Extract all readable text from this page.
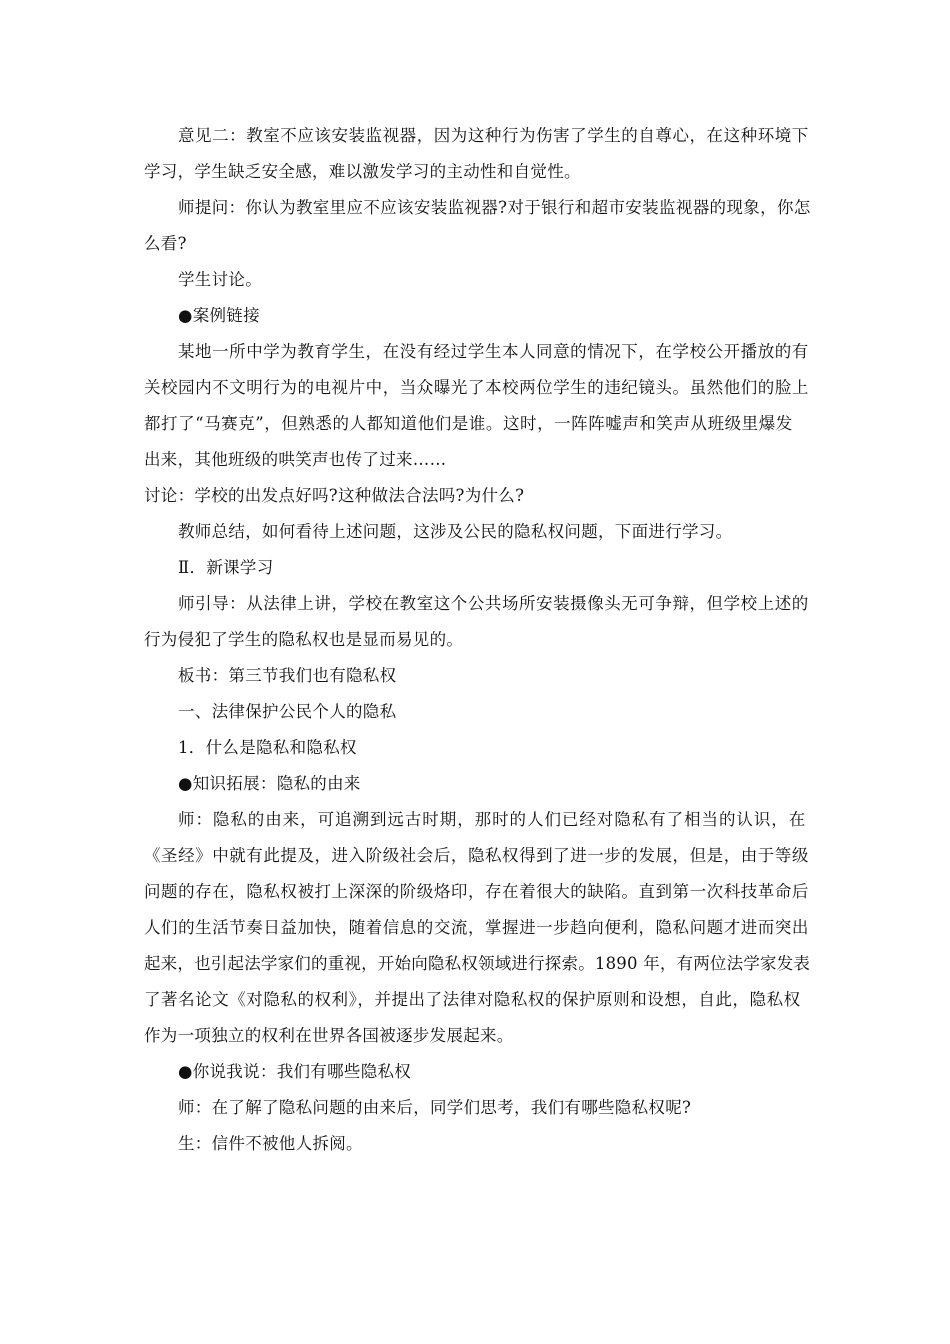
意见二：教室不应该安装监视器，因为这种行为伤害了学生的自尊心，在这种环境下
学习，学生缺乏安全感，难以激发学习的主动性和自觉性。
师提问：你认为教室里应不应该安装监视器?对于银行和超市安装监视器的现象，你怎
么看?
学生讨论。
●案例链接
某地一所中学为教育学生，在没有经过学生本人同意的情况下，在学校公开播放的有
关校园内不文明行为的电视片中，当众曝光了本校两位学生的违纪镜头。虽然他们的脸上
都打了“马赛克”，但熟悉的人都知道他们是谁。这时，一阵阵嘘声和笑声从班级里爆发
出来，其他班级的哄笑声也传了过来……
讨论：学校的出发点好吗?这种做法合法吗?为什么?
教师总结，如何看待上述问题，这涉及公民的隐私权问题，下面进行学习。
Ⅱ．新课学习
师引导：从法律上讲，学校在教室这个公共场所安装摄像头无可争辩，但学校上述的
行为侵犯了学生的隐私权也是显而易见的。
板书：第三节我们也有隐私权
一、法律保护公民个人的隐私
1．什么是隐私和隐私权
●知识拓展：隐私的由来
师：隐私的由来，可追溯到远古时期，那时的人们已经对隐私有了相当的认识，在
《圣经》中就有此提及，进入阶级社会后，隐私权得到了进一步的发展，但是，由于等级
问题的存在，隐私权被打上深深的阶级烙印，存在着很大的缺陷。直到第一次科技革命后
人们的生活节奏日益加快，随着信息的交流，掌握进一步趋向便利，隐私问题才进而突出
起来，也引起法学家们的重视，开始向隐私权领域进行探索。1890 年，有两位法学家发表
了著名论文《对隐私的权利》，并提出了法律对隐私权的保护原则和设想，自此，隐私权
作为一项独立的权利在世界各国被逐步发展起来。
●你说我说：我们有哪些隐私权
师：在了解了隐私问题的由来后，同学们思考，我们有哪些隐私权呢?
生：信件不被他人拆阅。
